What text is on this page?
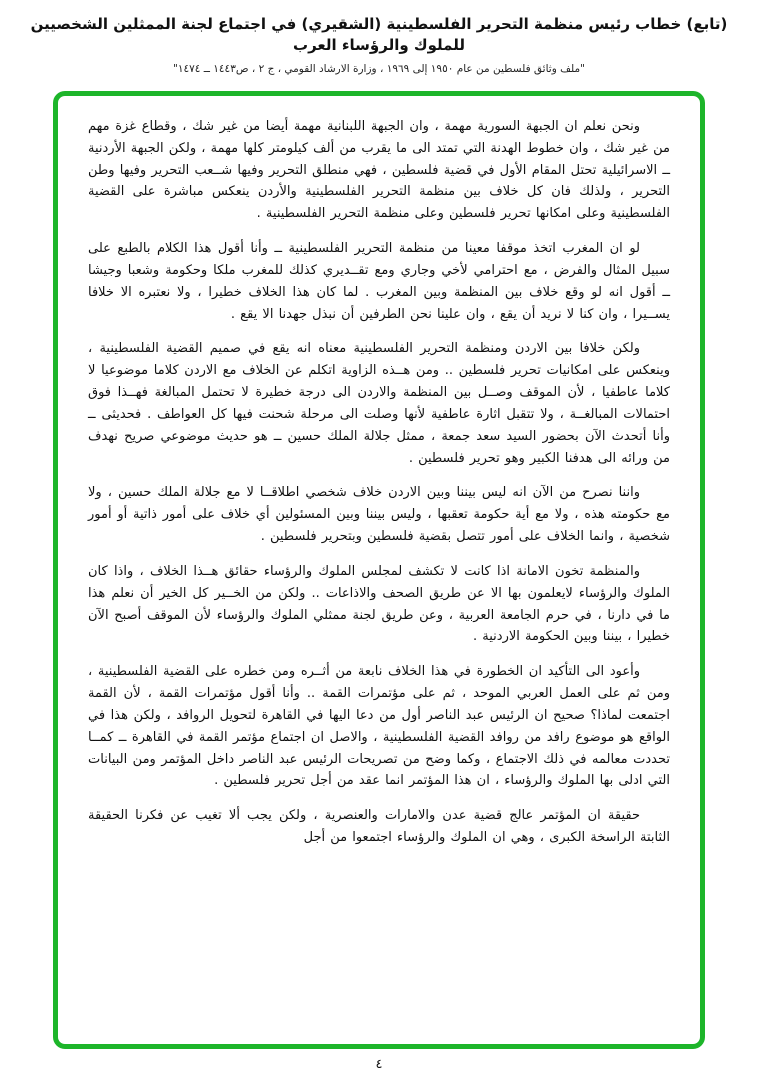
(تابع) خطاب رئيس منظمة التحرير الفلسطينية (الشقيري) في اجتماع لجنة الممثلين الشخصيين للملوك والرؤساء العرب
"ملف وثائق فلسطين من عام ١٩٥٠ إلى ١٩٦٩ ، وزارة الارشاد القومي ، ج ٢ ، ص١٤٤٣ ــ ١٤٧٤"

ونحن نعلم ان الجبهة السورية مهمة ، وان الجبهة اللبنانية مهمة أيضا من غير شك ، وقطاع غزة مهم من غير شك ، وان خطوط الهدنة التي تمتد الى ما يقرب من ألف كيلومتر كلها مهمة ، ولكن الجبهة الأردنية ــ الاسرائيلية تحتل المقام الأول في قضية فلسطين ، فهي منطلق التحرير وفيها شــعب التحرير وفيها وطن التحرير ، ولذلك فان كل خلاف بين منظمة التحرير الفلسطينية والأردن ينعكس مباشرة على القضية الفلسطينية وعلى امكانها تحرير فلسطين وعلى منظمة التحرير الفلسطينية .

لو ان المغرب اتخذ موقفا معينا من منظمة التحرير الفلسطينية ــ وأنا أقول هذا الكلام بالطبع على سبيل المثال والفرض ، مع احترامي لأخي وجاري ومع تقــديري كذلك للمغرب ملكا وحكومة وشعبا وجيشا ــ أقول انه لو وقع خلاف بين المنظمة وبين المغرب . لما كان هذا الخلاف خطيرا ، ولا نعتبره الا خلافا يســيرا ، وان كنا لا نريد أن يقع ، وان علينا نحن الطرفين أن نبذل جهدنا الا يقع .

ولكن خلافا بين الاردن ومنظمة التحرير الفلسطينية معناه انه يقع في صميم القضية الفلسطينية ، وينعكس على امكانيات تحرير فلسطين .. ومن هــذه الزاوية اتكلم عن الخلاف مع الاردن كلاما موضوعيا لا كلاما عاطفيا ، لأن الموقف وصــل بين المنظمة والاردن الى درجة خطيرة لا تحتمل المبالغة فهــذا فوق احتمالات المبالغــة ، ولا تتقبل اثارة عاطفية لأنها وصلت الى مرحلة شحنت فيها كل العواطف . فحديثى ــ وأنا أتحدث الآن بحضور السيد سعد جمعة ، ممثل جلالة الملك حسين ــ هو حديث موضوعي صريح نهدف من ورائه الى هدفنا الكبير وهو تحرير فلسطين .

واننا نصرح من الآن انه ليس بيننا وبين الاردن خلاف شخصي اطلاقــا لا مع جلالة الملك حسين ، ولا مع حكومته هذه ، ولا مع أية حكومة تعقبها ، وليس بيننا وبين المسئولين أي خلاف على أمور ذاتية أو أمور شخصية ، وانما الخلاف على أمور تتصل بقضية فلسطين وبتحرير فلسطين .

والمنظمة تخون الامانة اذا كانت لا تكشف لمجلس الملوك والرؤساء حقائق هــذا الخلاف ، واذا كان الملوك والرؤساء لايعلمون بها الا عن طريق الصحف والاذاعات .. ولكن من الخــير كل الخير أن نعلم هذا ما في دارنا ، في حرم الجامعة العربية ، وعن طريق لجنة ممثلي الملوك والرؤساء لأن الموقف أصبح الآن خطيرا ، بيننا وبين الحكومة الاردنية .

وأعود الى التأكيد ان الخطورة في هذا الخلاف نابعة من أثــره ومن خطره على القضية الفلسطينية ، ومن ثم على العمل العربي الموحد ، ثم على مؤتمرات القمة .. وأنا أقول مؤتمرات القمة ، لأن القمة اجتمعت لماذا؟ صحيح ان الرئيس عبد الناصر أول من دعا اليها في القاهرة لتحويل الروافد ، ولكن هذا في الواقع هو موضوع رافد من روافد القضية الفلسطينية ، والاصل ان اجتماع مؤتمر القمة في القاهرة ــ كمــا تحددت معالمه في ذلك الاجتماع ، وكما وضح من تصريحات الرئيس عبد الناصر داخل المؤتمر ومن البيانات التي ادلى بها الملوك والرؤساء ، ان هذا المؤتمر انما عقد من أجل تحرير فلسطين .

حقيقة ان المؤتمر عالج قضية عدن والامارات والعنصرية ، ولكن يجب ألا تغيب عن فكرنا الحقيقة الثابتة الراسخة الكبرى ، وهي ان الملوك والرؤساء اجتمعوا من أجل

٤
